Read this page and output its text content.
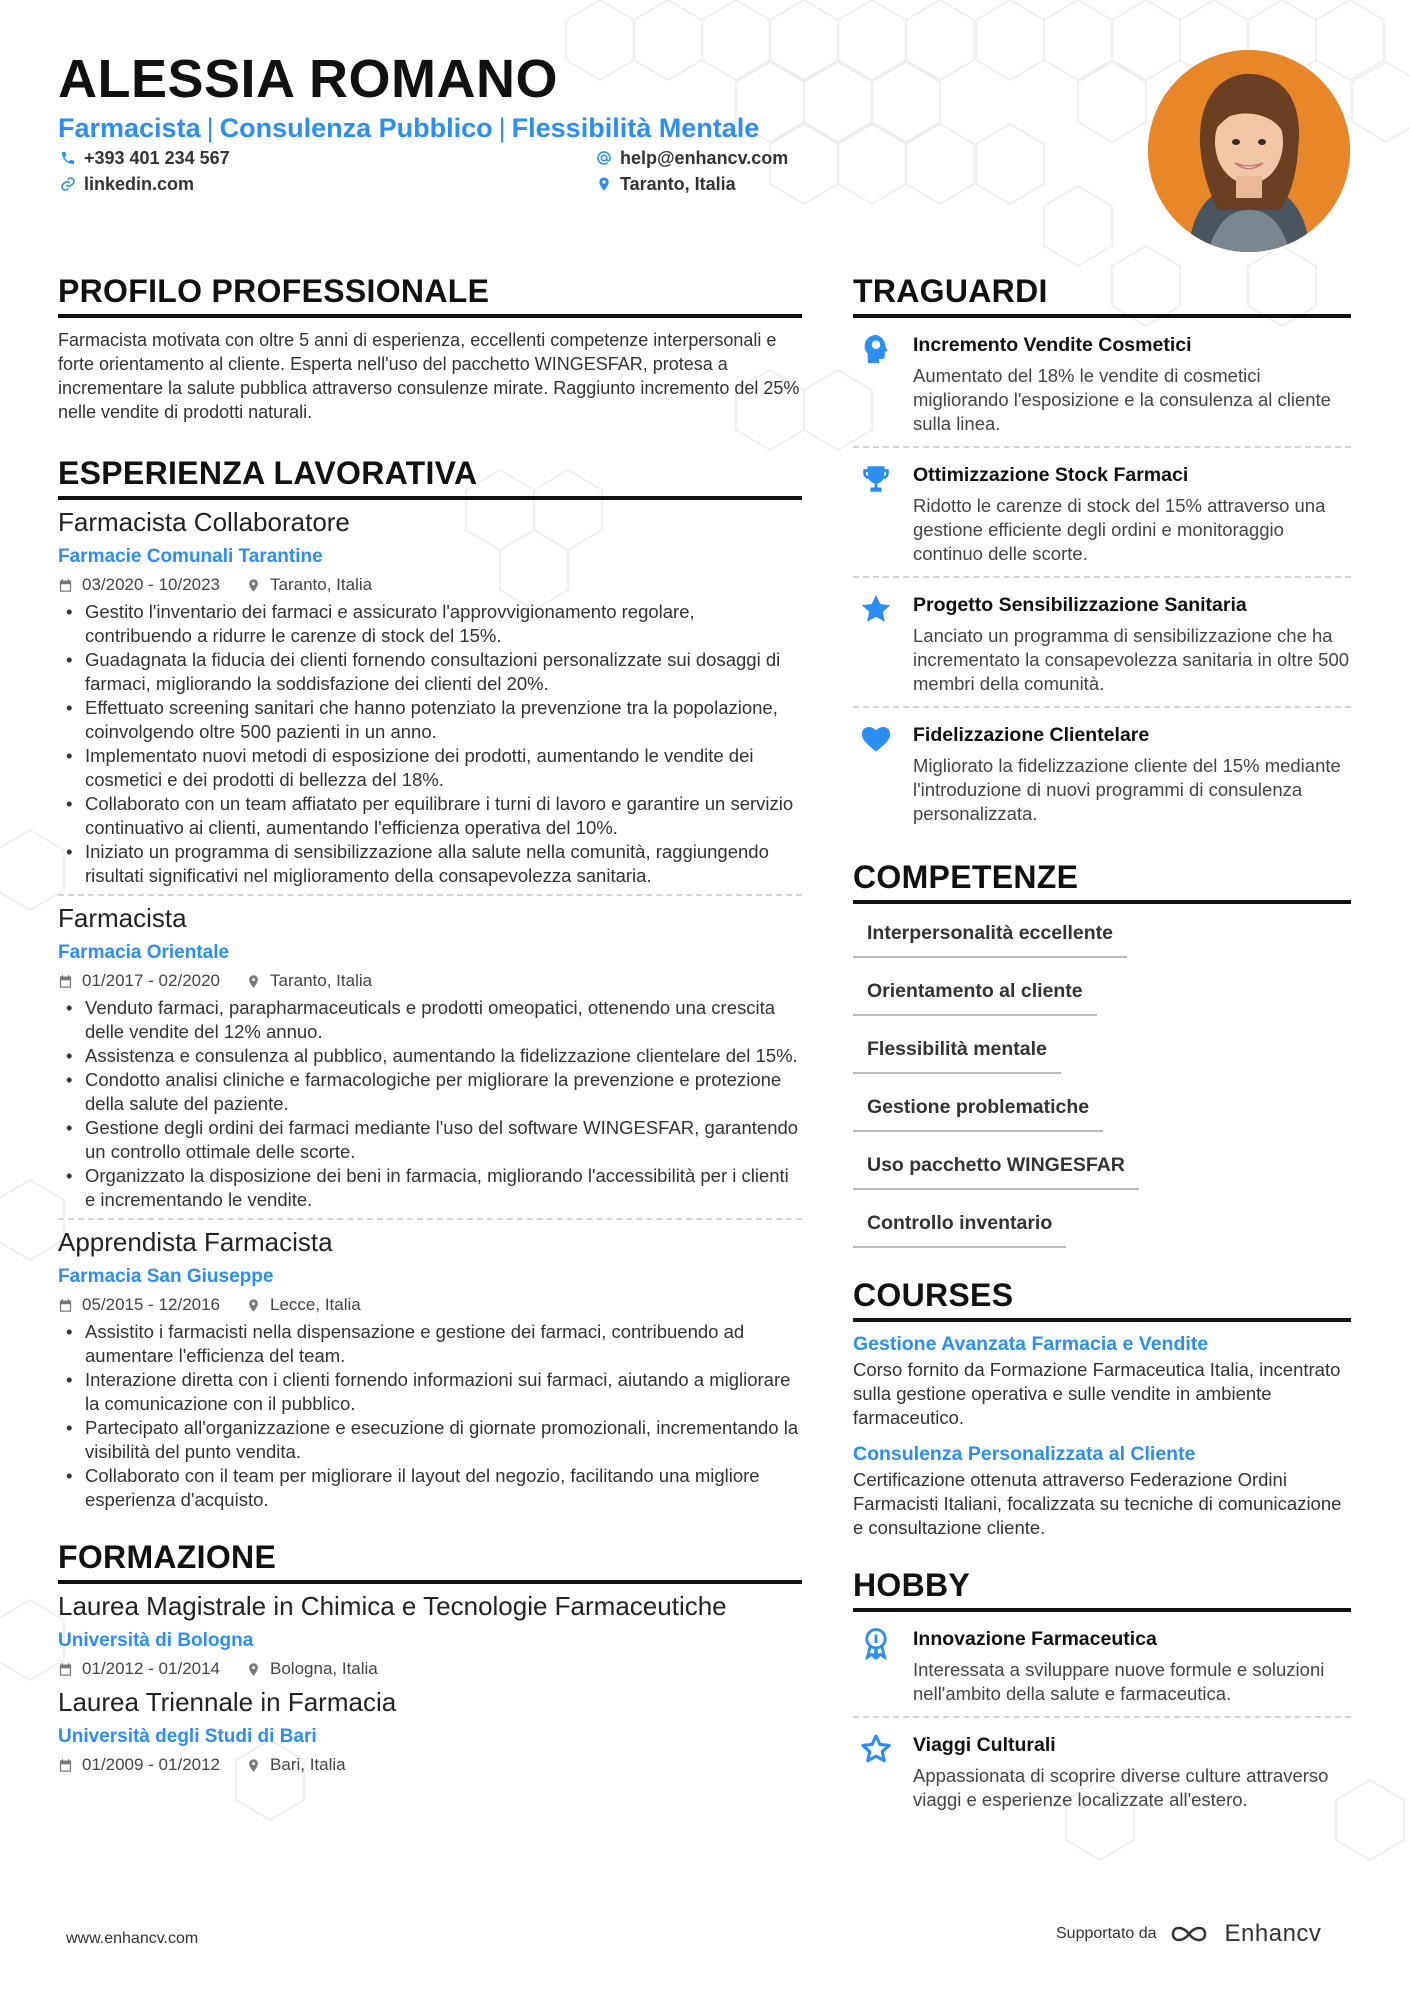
ALESSIA ROMANO
Farmacista | Consulenza Pubblico | Flessibilità Mentale
+393 401 234 567	help@enhancv.com
linkedin.com	Taranto, Italia
PROFILO PROFESSIONALE

Farmacista motivata con oltre 5 anni di esperienza, eccellenti competenze interpersonali e forte orientamento al cliente. Esperta nell'uso del pacchetto WINGESFAR, protesa a incrementare la salute pubblica attraverso consulenze mirate. Raggiunto incremento del 25% nelle vendite di prodotti naturali.

ESPERIENZA LAVORATIVA
Farmacista Collaboratore
Farmacie Comunali Tarantine
03/2020 - 10/2023	Taranto, Italia
• Gestito l'inventario dei farmaci e assicurato l'approvvigionamento regolare, contribuendo a ridurre le carenze di stock del 15%.
• Guadagnata la fiducia dei clienti fornendo consultazioni personalizzate sui dosaggi di farmaci, migliorando la soddisfazione dei clienti del 20%.
• Effettuato screening sanitari che hanno potenziato la prevenzione tra la popolazione, coinvolgendo oltre 500 pazienti in un anno.
• Implementato nuovi metodi di esposizione dei prodotti, aumentando le vendite dei cosmetici e dei prodotti di bellezza del 18%.
• Collaborato con un team affiatato per equilibrare i turni di lavoro e garantire un servizio continuativo ai clienti, aumentando l'efficienza operativa del 10%.
• Iniziato un programma di sensibilizzazione alla salute nella comunità, raggiungendo risultati significativi nel miglioramento della consapevolezza sanitaria.
Farmacista
Farmacia Orientale
01/2017 - 02/2020	Taranto, Italia
• Venduto farmaci, parapharmaceuticals e prodotti omeopatici, ottenendo una crescita delle vendite del 12% annuo.
• Assistenza e consulenza al pubblico, aumentando la fidelizzazione clientelare del 15%.
• Condotto analisi cliniche e farmacologiche per migliorare la prevenzione e protezione della salute del paziente.
• Gestione degli ordini dei farmaci mediante l'uso del software WINGESFAR, garantendo un controllo ottimale delle scorte.
• Organizzato la disposizione dei beni in farmacia, migliorando l'accessibilità per i clienti e incrementando le vendite.
Apprendista Farmacista
Farmacia San Giuseppe
05/2015 - 12/2016	Lecce, Italia
• Assistito i farmacisti nella dispensazione e gestione dei farmaci, contribuendo ad aumentare l'efficienza del team.
• Interazione diretta con i clienti fornendo informazioni sui farmaci, aiutando a migliorare la comunicazione con il pubblico.
• Partecipato all'organizzazione e esecuzione di giornate promozionali, incrementando la visibilità del punto vendita.
• Collaborato con il team per migliorare il layout del negozio, facilitando una migliore esperienza d'acquisto.
FORMAZIONE
Laurea Magistrale in Chimica e Tecnologie Farmaceutiche
Università di Bologna
01/2012 - 01/2014	Bologna, Italia
Laurea Triennale in Farmacia
Università degli Studi di Bari
01/2009 - 01/2012	Bari, Italia
TRAGUARDI
Incremento Vendite Cosmetici
Aumentato del 18% le vendite di cosmetici migliorando l'esposizione e la consulenza al cliente sulla linea.
Ottimizzazione Stock Farmaci
Ridotto le carenze di stock del 15% attraverso una gestione efficiente degli ordini e monitoraggio continuo delle scorte.
Progetto Sensibilizzazione Sanitaria
Lanciato un programma di sensibilizzazione che ha incrementato la consapevolezza sanitaria in oltre 500 membri della comunità.
Fidelizzazione Clientelare
Migliorato la fidelizzazione cliente del 15% mediante l'introduzione di nuovi programmi di consulenza personalizzata.
COMPETENZE
Interpersonalità eccellente
Orientamento al cliente
Flessibilità mentale
Gestione problematiche
Uso pacchetto WINGESFAR
Controllo inventario
COURSES
Gestione Avanzata Farmacia e Vendite
Corso fornito da Formazione Farmaceutica Italia, incentrato sulla gestione operativa e sulle vendite in ambiente farmaceutico.
Consulenza Personalizzata al Cliente
Certificazione ottenuta attraverso Federazione Ordini Farmacisti Italiani, focalizzata su tecniche di comunicazione e consultazione cliente.
HOBBY
Innovazione Farmaceutica
Interessata a sviluppare nuove formule e soluzioni nell'ambito della salute e farmaceutica.
Viaggi Culturali
Appassionata di scoprire diverse culture attraverso viaggi e esperienze localizzate all'estero.
www.enhancv.com	Supportato da	Enhancv
